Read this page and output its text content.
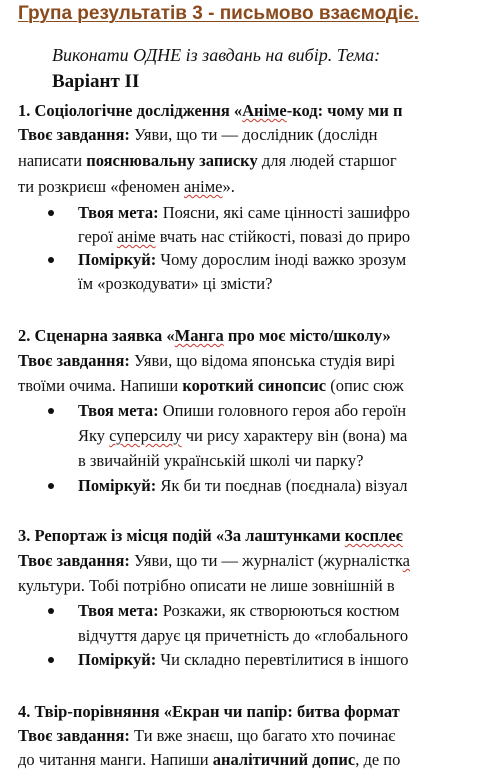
Група результатів 3 - письмово взаємодіє.
Виконати ОДНЕ із завдань на вибір. Тема:
Варіант ІІ
1. Соціологічне дослідження «Аніме-код: чому ми п
Твоє завдання: Уяви, що ти — дослідник (дослідн
написати пояснювальну записку для людей старшог
ти розкриєш «феномен аніме».
Твоя мета: Поясни, які саме цінності зашифро
герої аніме вчать нас стійкості, повазі до приро
Поміркуй: Чому дорослим іноді важко зрозум
їм «розкодувати» ці змісти?
2. Сценарна заявка «Манга про моє місто/школу»
Твоє завдання: Уяви, що відома японська студія вирі
твоїми очима. Напиши короткий синопсис (опис сюж
Твоя мета: Опиши головного героя або героїн
Яку суперсилу чи рису характеру він (вона) ма
в звичайній українській школі чи парку?
Поміркуй: Як би ти поєднав (поєднала) візуал
3. Репортаж із місця подій «За лаштунками косплеє
Твоє завдання: Уяви, що ти — журналіст (журналістка
культури. Тобі потрібно описати не лише зовнішній в
Твоя мета: Розкажи, як створюються костюм
відчуття дарує ця причетність до «глобального
Поміркуй: Чи складно перевтілитися в іншого
4. Твір-порівняння «Екран чи папір: битва формат
Твоє завдання: Ти вже знаєш, що багато хто починає
до читання манги. Напиши аналітичний допис, де по
